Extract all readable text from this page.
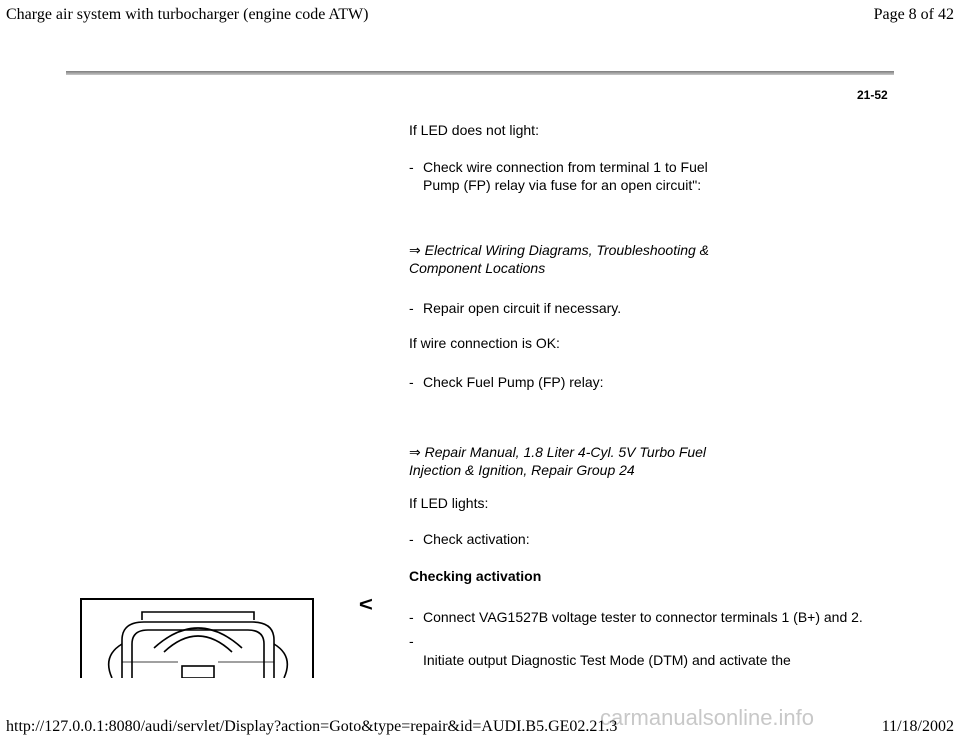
Charge air system with turbocharger (engine code ATW)	Page 8 of 42
21-52
If LED does not light:
- Check wire connection from terminal 1 to Fuel
Pump (FP) relay via fuse for an open circuit":
⇒ Electrical Wiring Diagrams, Troubleshooting &
Component Locations
- Repair open circuit if necessary.
If wire connection is OK:
- Check Fuel Pump (FP) relay:
⇒ Repair Manual, 1.8 Liter 4-Cyl. 5V Turbo Fuel
Injection & Ignition, Repair Group 24
If LED lights:
- Check activation:
Checking activation
<
- Connect VAG1527B voltage tester to connector terminals 1 (B+) and 2.
-
Initiate output Diagnostic Test Mode (DTM) and activate the
carmanualsonline.info
http://127.0.0.1:8080/audi/servlet/Display?action=Goto&type=repair&id=AUDI.B5.GE02.21.3	11/18/2002
